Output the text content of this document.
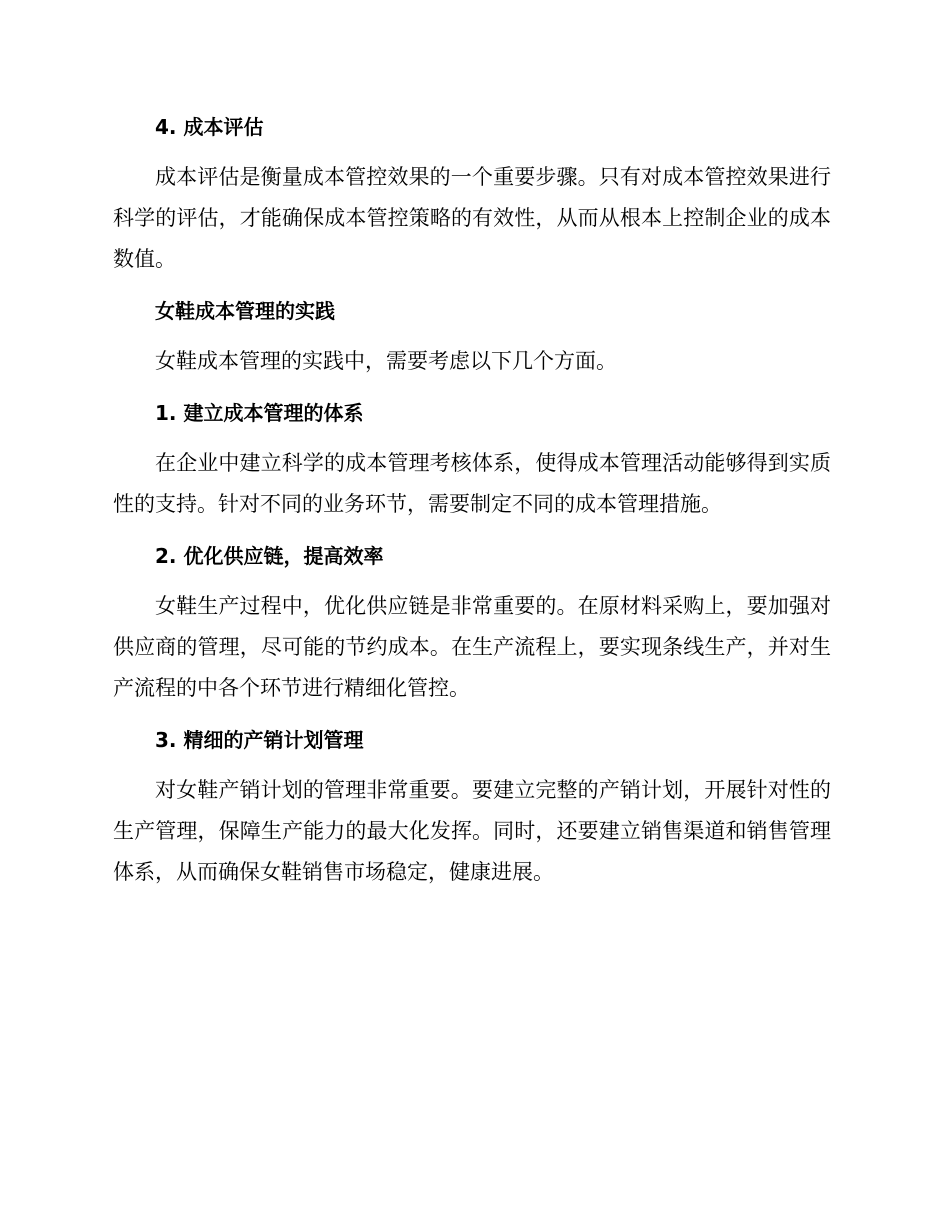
4. 成本评估

成本评估是衡量成本管控效果的一个重要步骤。只有对成本管控效果进行科学的评估，才能确保成本管控策略的有效性，从而从根本上控制企业的成本数值。

女鞋成本管理的实践

女鞋成本管理的实践中，需要考虑以下几个方面。

1. 建立成本管理的体系

在企业中建立科学的成本管理考核体系，使得成本管理活动能够得到实质性的支持。针对不同的业务环节，需要制定不同的成本管理措施。

2. 优化供应链，提高效率

女鞋生产过程中，优化供应链是非常重要的。在原材料采购上，要加强对供应商的管理，尽可能的节约成本。在生产流程上，要实现条线生产，并对生产流程的中各个环节进行精细化管控。

3. 精细的产销计划管理

对女鞋产销计划的管理非常重要。要建立完整的产销计划，开展针对性的生产管理，保障生产能力的最大化发挥。同时，还要建立销售渠道和销售管理体系，从而确保女鞋销售市场稳定，健康进展。
